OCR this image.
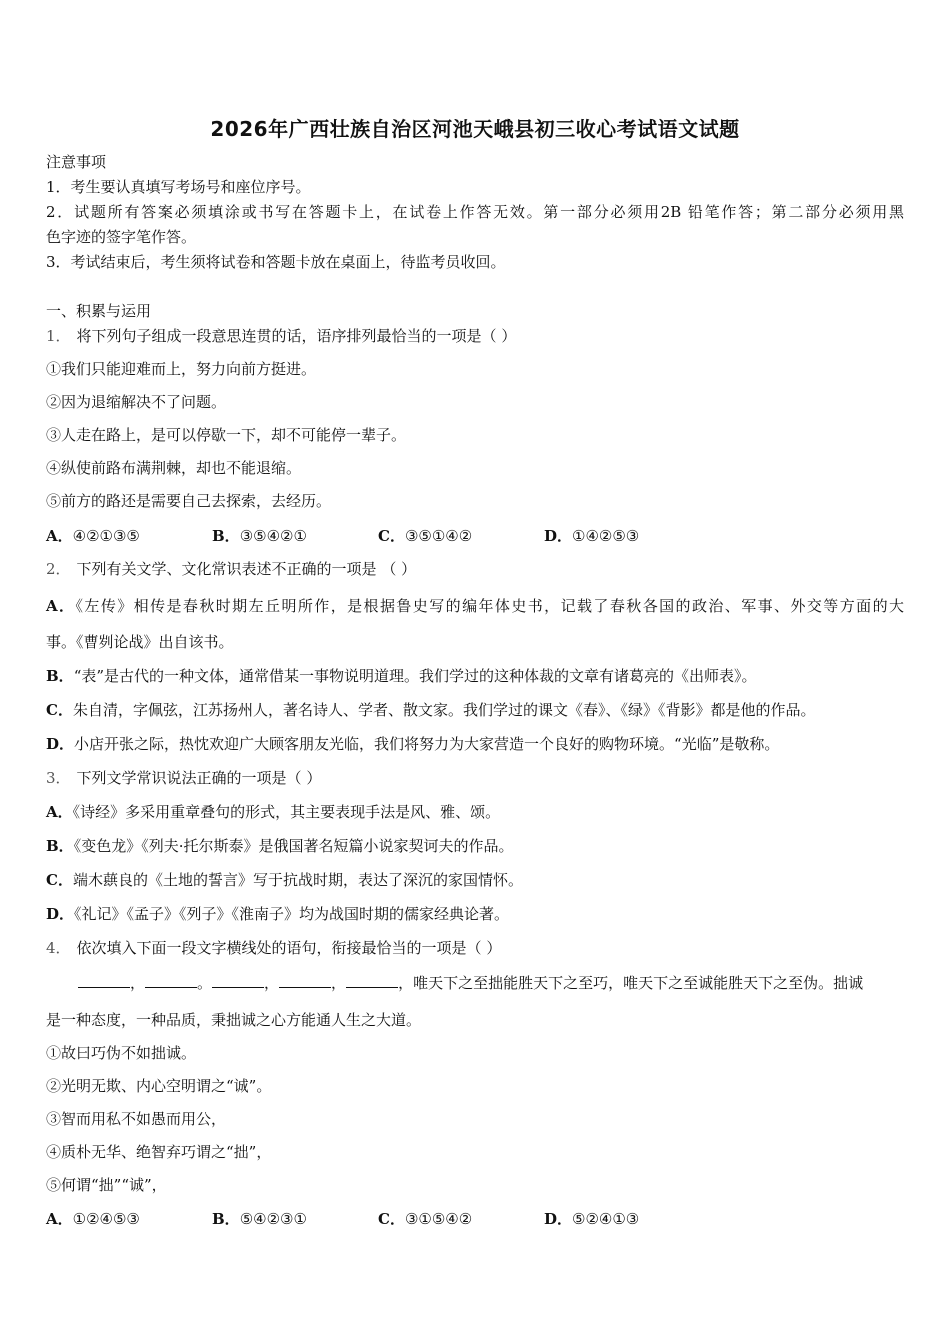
2026年广西壮族自治区河池天峨县初三收心考试语文试题
注意事项
1．考生要认真填写考场号和座位序号。
2．试题所有答案必须填涂或书写在答题卡上，在试卷上作答无效。第一部分必须用2B 铅笔作答；第二部分必须用黑
色字迹的签字笔作答。
3．考试结束后，考生须将试卷和答题卡放在桌面上，待监考员收回。
一、积累与运用
1． 将下列句子组成一段意思连贯的话，语序排列最恰当的一项是（ ）
①我们只能迎难而上，努力向前方挺进。
②因为退缩解决不了问题。
③人走在路上，是可以停歇一下，却不可能停一辈子。
④纵使前路布满荆棘，却也不能退缩。
⑤前方的路还是需要自己去探索，去经历。
A．④②①③⑤	B．③⑤④②①	C．③⑤①④②	D．①④②⑤③
2． 下列有关文学、文化常识表述不正确的一项是 （ ）
A．《左传》相传是春秋时期左丘明所作，是根据鲁史写的编年体史书，记载了春秋各国的政治、军事、外交等方面的大
事。《曹刿论战》出自该书。
B．“表”是古代的一种文体，通常借某一事物说明道理。我们学过的这种体裁的文章有诸葛亮的《出师表》。
C．朱自清，字佩弦，江苏扬州人，著名诗人、学者、散文家。我们学过的课文《春》、《绿》《背影》都是他的作品。
D．小店开张之际，热忱欢迎广大顾客朋友光临，我们将努力为大家营造一个良好的购物环境。“光临”是敬称。
3． 下列文学常识说法正确的一项是（ ）
A．《诗经》多采用重章叠句的形式，其主要表现手法是风、雅、颂。
B．《变色龙》《列夫·托尔斯泰》是俄国著名短篇小说家契诃夫的作品。
C．端木蕻良的《土地的誓言》写于抗战时期，表达了深沉的家国情怀。
D．《礼记》《孟子》《列子》《淮南子》均为战国时期的儒家经典论著。
4． 依次填入下面一段文字横线处的语句，衔接最恰当的一项是（ ）
，	。	，	，	，唯天下之至拙能胜天下之至巧，唯天下之至诚能胜天下之至伪。拙诚
是一种态度，一种品质，秉拙诚之心方能通人生之大道。
①故曰巧伪不如拙诚。
②光明无欺、内心空明谓之“诚”。
③智而用私不如愚而用公，
④质朴无华、绝智弃巧谓之“拙”，
⑤何谓“拙”“诚”，
A．①②④⑤③	B．⑤④②③①	C．③①⑤④②	D．⑤②④①③
